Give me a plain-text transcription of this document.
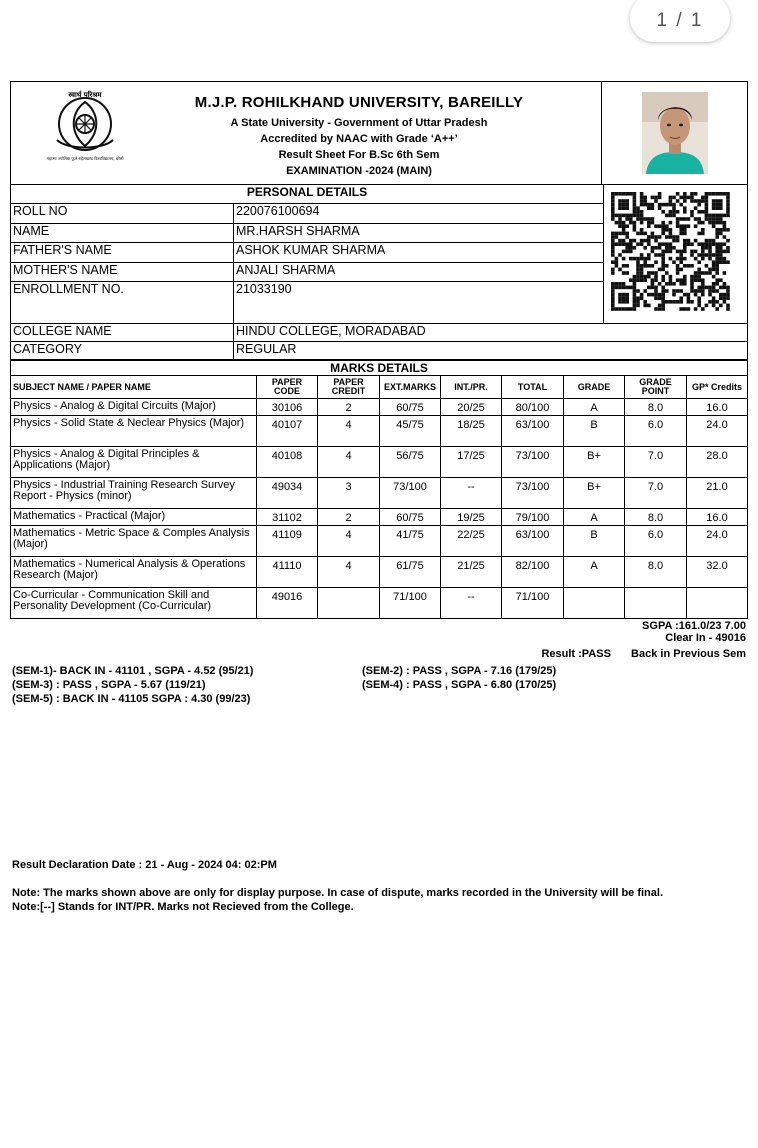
1 / 1
स्वार्थ परिश्रम
महात्मा ज्योतिबा फुले रुहेलखण्ड विश्वविद्यालय, बरेली
M.J.P. ROHILKHAND UNIVERSITY, BAREILLY
A State University - Government of Uttar Pradesh
Accredited by NAAC with Grade ‘A++’
Result Sheet For B.Sc 6th Sem
EXAMINATION -2024 (MAIN)
PERSONAL DETAILS	
ROLL NO	220076100694	
NAME	MR.HARSH SHARMA	
FATHER'S NAME	ASHOK KUMAR SHARMA	
MOTHER'S NAME	ANJALI SHARMA	
ENROLLMENT NO.	21033190	
COLLEGE NAME	HINDU COLLEGE, MORADABAD	
CATEGORY	REGULAR	
MARKS DETAILS								
SUBJECT NAME / PAPER NAME	PAPER CODE	PAPER CREDIT	EXT.MARKS	INT./PR.	TOTAL	GRADE	GRADE POINT	GP* Credits
Physics - Analog & Digital Circuits (Major)	30106	2	60/75	20/25	80/100	A	8.0	16.0
Physics - Solid State & Neclear Physics (Major)	40107	4	45/75	18/25	63/100	B	6.0	24.0
Physics - Analog & Digital Principles & Applications (Major)	40108	4	56/75	17/25	73/100	B+	7.0	28.0
Physics - Industrial Training Research Survey Report - Physics (minor)	49034	3	73/100	--	73/100	B+	7.0	21.0
Mathematics - Practical (Major)	31102	2	60/75	19/25	79/100	A	8.0	16.0
Mathematics - Metric Space & Comples Analysis (Major)	41109	4	41/75	22/25	63/100	B	6.0	24.0
Mathematics - Numerical Analysis & Operations Research (Major)	41110	4	61/75	21/25	82/100	A	8.0	32.0
Co-Curricular - Communication Skill and Personality Development (Co-Curricular)	49016		71/100	--	71/100			
SGPA :161.0/23 7.00
Clear In - 49016
Result :PASS Back in Previous Sem
(SEM-1)- BACK IN - 41101 , SGPA - 4.52 (95/21)
(SEM-3) : PASS , SGPA - 5.67 (119/21)
(SEM-5) : BACK IN - 41105 SGPA : 4.30 (99/23)
(SEM-2) : PASS , SGPA - 7.16 (179/25)
(SEM-4) : PASS , SGPA - 6.80 (170/25)
Result Declaration Date : 21 - Aug - 2024 04: 02:PM
Note: The marks shown above are only for display purpose. In case of dispute, marks recorded in the University will be final.
Note:[--] Stands for INT/PR. Marks not Recieved from the College.
